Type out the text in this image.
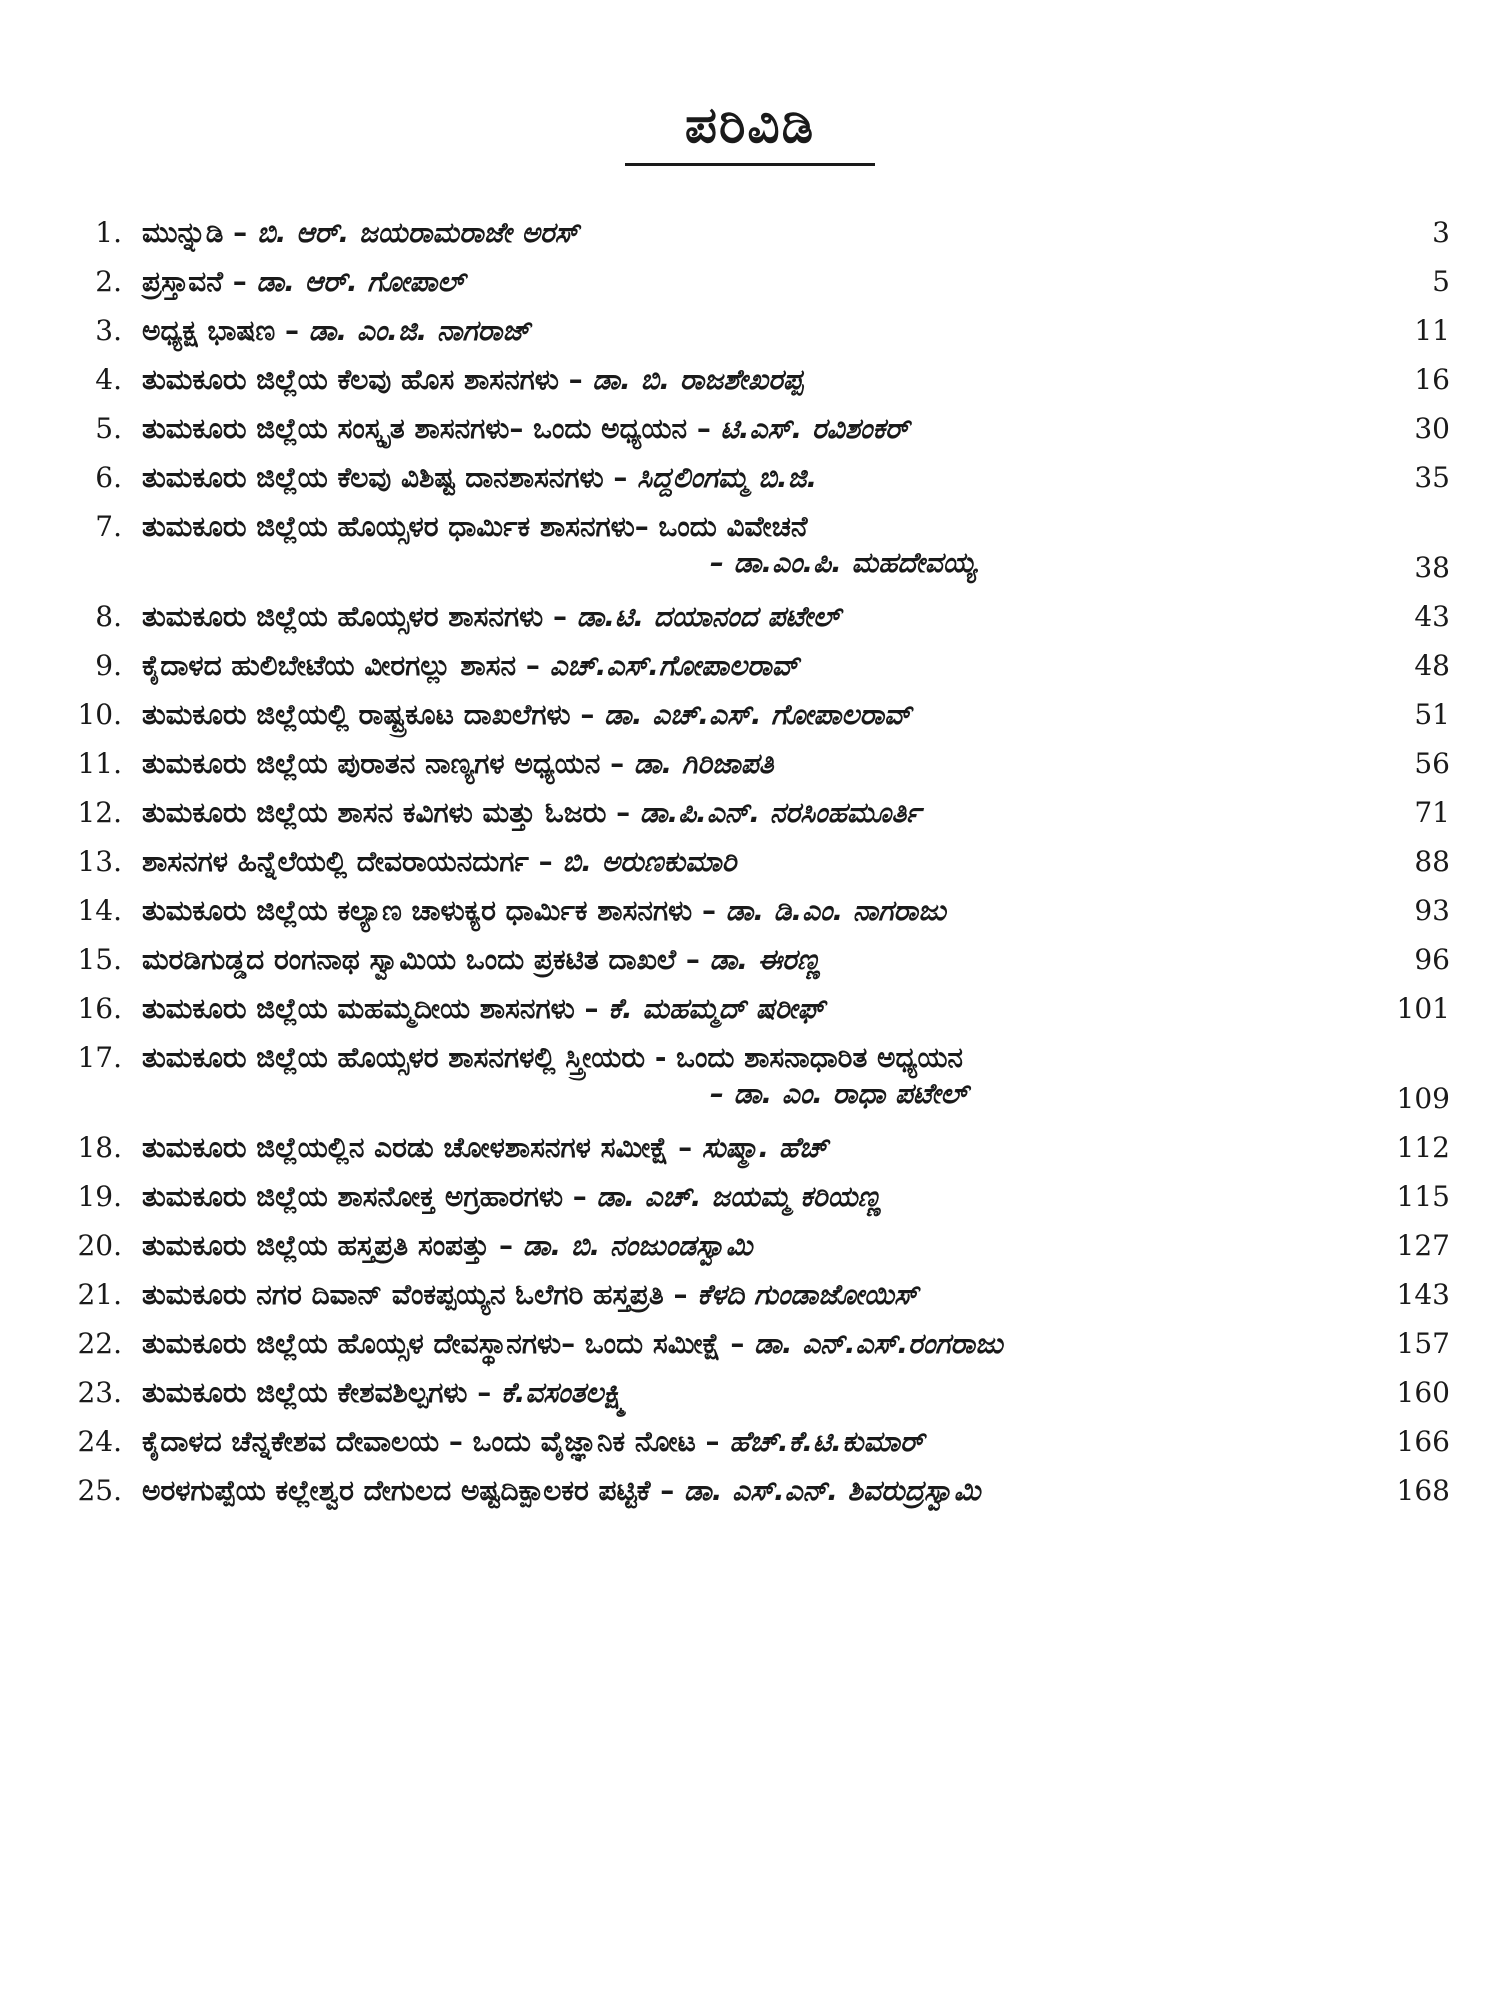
ಪರಿವಿಡಿ
1. ಮುನ್ನುಡಿ – ಬಿ. ಆರ್. ಜಯರಾಮರಾಜೇ ಅರಸ್	3
2. ಪ್ರಸ್ತಾವನೆ – ಡಾ. ಆರ್. ಗೋಪಾಲ್	5
3. ಅಧ್ಯಕ್ಷ ಭಾಷಣ – ಡಾ. ಎಂ.ಜಿ. ನಾಗರಾಜ್	11
4. ತುಮಕೂರು ಜಿಲ್ಲೆಯ ಕೆಲವು ಹೊಸ ಶಾಸನಗಳು – ಡಾ. ಬಿ. ರಾಜಶೇಖರಪ್ಪ	16
5. ತುಮಕೂರು ಜಿಲ್ಲೆಯ ಸಂಸ್ಕೃತ ಶಾಸನಗಳು– ಒಂದು ಅಧ್ಯಯನ – ಟಿ.ಎಸ್. ರವಿಶಂಕರ್	30
6. ತುಮಕೂರು ಜಿಲ್ಲೆಯ ಕೆಲವು ವಿಶಿಷ್ಟ ದಾನಶಾಸನಗಳು – ಸಿದ್ದಲಿಂಗಮ್ಮ ಬಿ.ಜಿ.	35
7. ತುಮಕೂರು ಜಿಲ್ಲೆಯ ಹೊಯ್ಸಳರ ಧಾರ್ಮಿಕ ಶಾಸನಗಳು– ಒಂದು ವಿವೇಚನೆ
– ಡಾ.ಎಂ.ಪಿ. ಮಹದೇವಯ್ಯ	38
8. ತುಮಕೂರು ಜಿಲ್ಲೆಯ ಹೊಯ್ಸಳರ ಶಾಸನಗಳು – ಡಾ.ಟಿ. ದಯಾನಂದ ಪಟೇಲ್	43
9. ಕೈದಾಳದ ಹುಲಿಬೇಟೆಯ ವೀರಗಲ್ಲು ಶಾಸನ – ಎಚ್.ಎಸ್.ಗೋಪಾಲರಾವ್	48
10. ತುಮಕೂರು ಜಿಲ್ಲೆಯಲ್ಲಿ ರಾಷ್ಟ್ರಕೂಟ ದಾಖಲೆಗಳು – ಡಾ. ಎಚ್.ಎಸ್. ಗೋಪಾಲರಾವ್	51
11. ತುಮಕೂರು ಜಿಲ್ಲೆಯ ಪುರಾತನ ನಾಣ್ಯಗಳ ಅಧ್ಯಯನ – ಡಾ. ಗಿರಿಜಾಪತಿ	56
12. ತುಮಕೂರು ಜಿಲ್ಲೆಯ ಶಾಸನ ಕವಿಗಳು ಮತ್ತು ಓಜರು – ಡಾ.ಪಿ.ಎನ್. ನರಸಿಂಹಮೂರ್ತಿ	71
13. ಶಾಸನಗಳ ಹಿನ್ನೆಲೆಯಲ್ಲಿ ದೇವರಾಯನದುರ್ಗ – ಬಿ. ಅರುಣಕುಮಾರಿ	88
14. ತುಮಕೂರು ಜಿಲ್ಲೆಯ ಕಲ್ಯಾಣ ಚಾಳುಕ್ಯರ ಧಾರ್ಮಿಕ ಶಾಸನಗಳು – ಡಾ. ಡಿ.ಎಂ. ನಾಗರಾಜು	93
15. ಮರಡಿಗುಡ್ಡದ ರಂಗನಾಥ ಸ್ವಾಮಿಯ ಒಂದು ಪ್ರಕಟಿತ ದಾಖಲೆ – ಡಾ. ಈರಣ್ಣ	96
16. ತುಮಕೂರು ಜಿಲ್ಲೆಯ ಮಹಮ್ಮದೀಯ ಶಾಸನಗಳು – ಕೆ. ಮಹಮ್ಮದ್ ಷರೀಫ್	101
17. ತುಮಕೂರು ಜಿಲ್ಲೆಯ ಹೊಯ್ಸಳರ ಶಾಸನಗಳಲ್ಲಿ ಸ್ತ್ರೀಯರು - ಒಂದು ಶಾಸನಾಧಾರಿತ ಅಧ್ಯಯನ
– ಡಾ. ಎಂ. ರಾಧಾ ಪಟೇಲ್	109
18. ತುಮಕೂರು ಜಿಲ್ಲೆಯಲ್ಲಿನ ಎರಡು ಚೋಳಶಾಸನಗಳ ಸಮೀಕ್ಷೆ – ಸುಷ್ಮಾ. ಹೆಚ್	112
19. ತುಮಕೂರು ಜಿಲ್ಲೆಯ ಶಾಸನೋಕ್ತ ಅಗ್ರಹಾರಗಳು – ಡಾ. ಎಚ್. ಜಯಮ್ಮ ಕರಿಯಣ್ಣ	115
20. ತುಮಕೂರು ಜಿಲ್ಲೆಯ ಹಸ್ತಪ್ರತಿ ಸಂಪತ್ತು – ಡಾ. ಬಿ. ನಂಜುಂಡಸ್ವಾಮಿ	127
21. ತುಮಕೂರು ನಗರ ದಿವಾನ್ ವೆಂಕಪ್ಪಯ್ಯನ ಓಲೆಗರಿ ಹಸ್ತಪ್ರತಿ – ಕೆಳದಿ ಗುಂಡಾಜೋಯಿಸ್	143
22. ತುಮಕೂರು ಜಿಲ್ಲೆಯ ಹೊಯ್ಸಳ ದೇವಸ್ಥಾನಗಳು– ಒಂದು ಸಮೀಕ್ಷೆ – ಡಾ. ಎನ್.ಎಸ್.ರಂಗರಾಜು	157
23. ತುಮಕೂರು ಜಿಲ್ಲೆಯ ಕೇಶವಶಿಲ್ಪಗಳು – ಕೆ.ವಸಂತಲಕ್ಷ್ಮಿ	160
24. ಕೈದಾಳದ ಚೆನ್ನಕೇಶವ ದೇವಾಲಯ – ಒಂದು ವೈಜ್ಞಾನಿಕ ನೋಟ – ಹೆಚ್.ಕೆ.ಟಿ.ಕುಮಾರ್	166
25. ಅರಳಗುಪ್ಪೆಯ ಕಲ್ಲೇಶ್ವರ ದೇಗುಲದ ಅಷ್ಟದಿಕ್ಪಾಲಕರ ಪಟ್ಟಿಕೆ – ಡಾ. ಎಸ್.ಎನ್. ಶಿವರುದ್ರಸ್ವಾಮಿ	168
